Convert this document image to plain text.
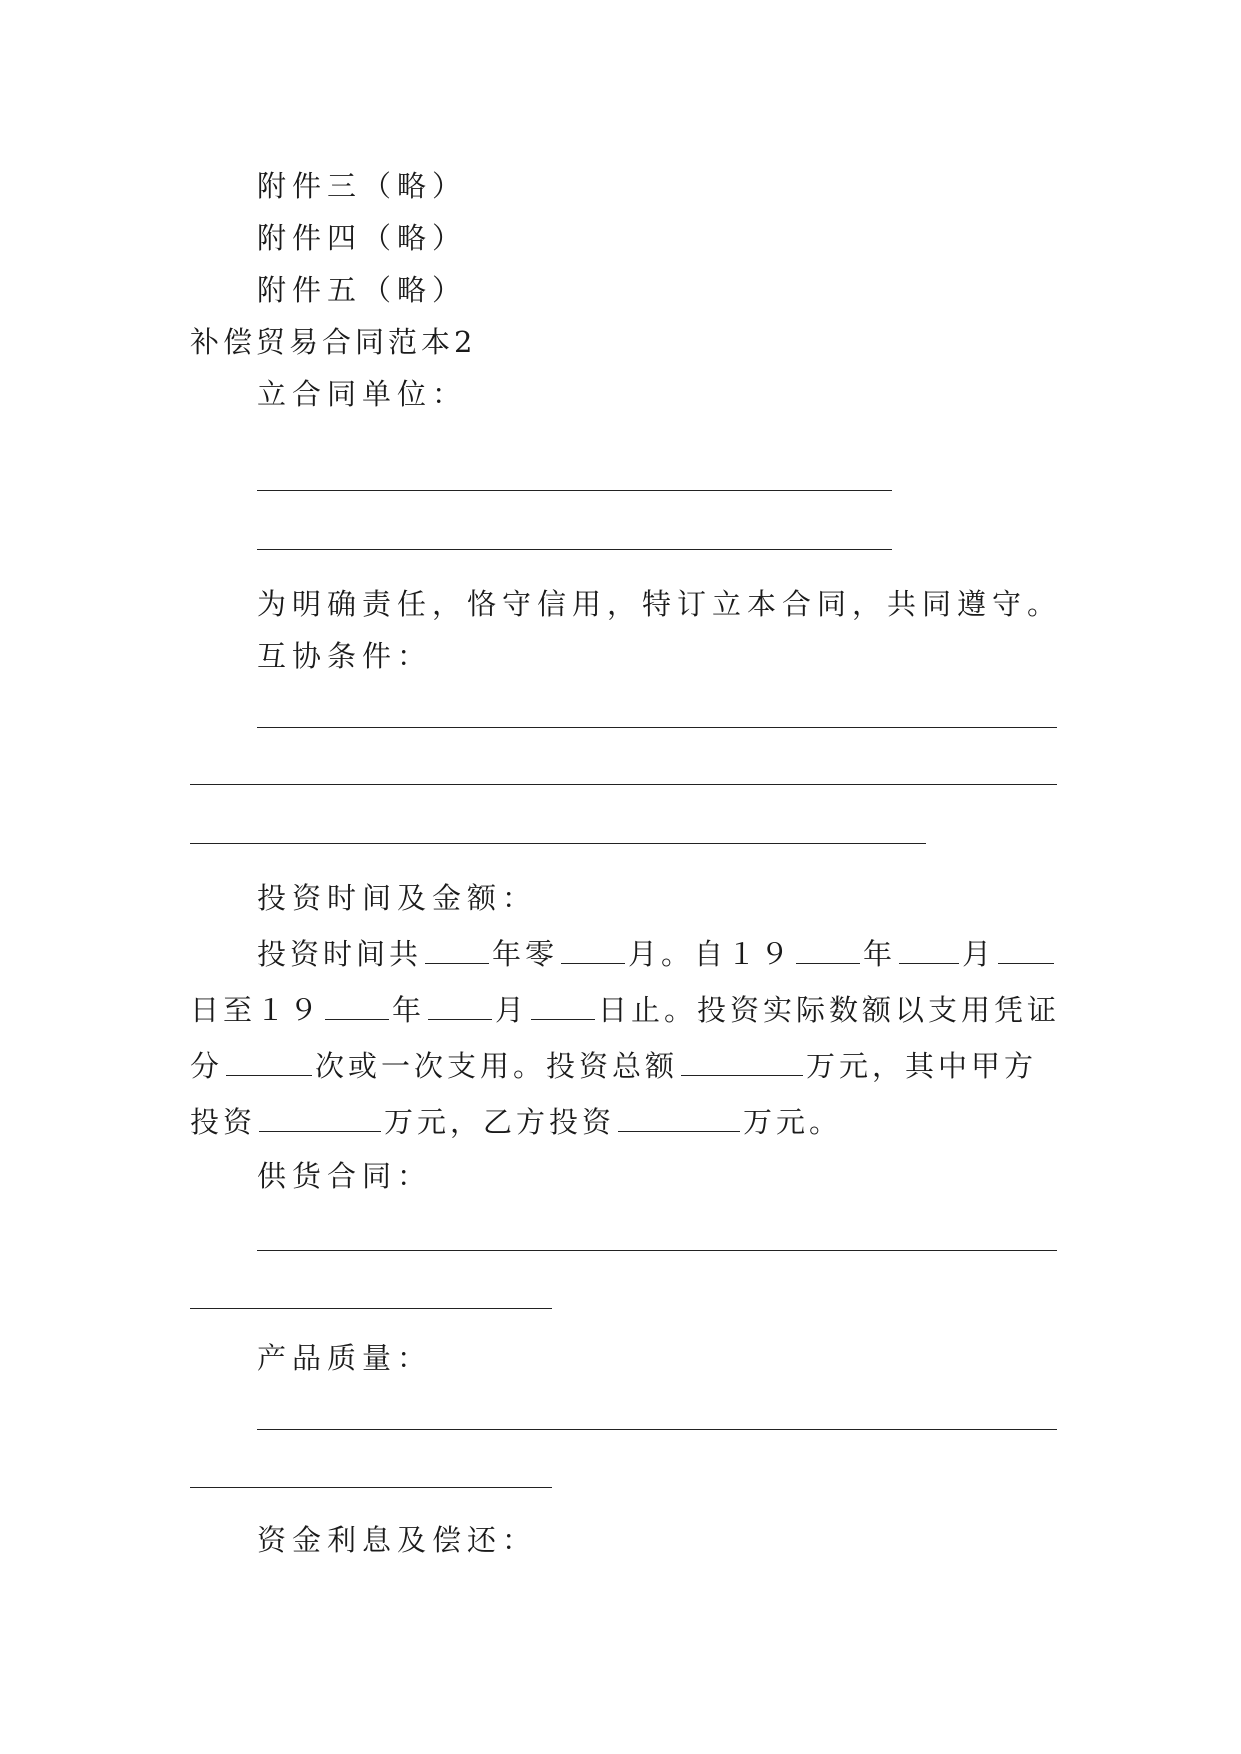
附件三（略）
附件四（略）
附件五（略）
补偿贸易合同范本2
立合同单位：
为明确责任，恪守信用，特订立本合同，共同遵守。
互协条件：
投资时间及金额：
投资时间共 年零 月。自１９ 年 月
日至１９ 年 月 日止。投资实际数额以支用凭证
分	次或一次支用。投资总额	万元，其中甲方
投资	万元，乙方投资	万元。
供货合同：
产品质量：
资金利息及偿还：
